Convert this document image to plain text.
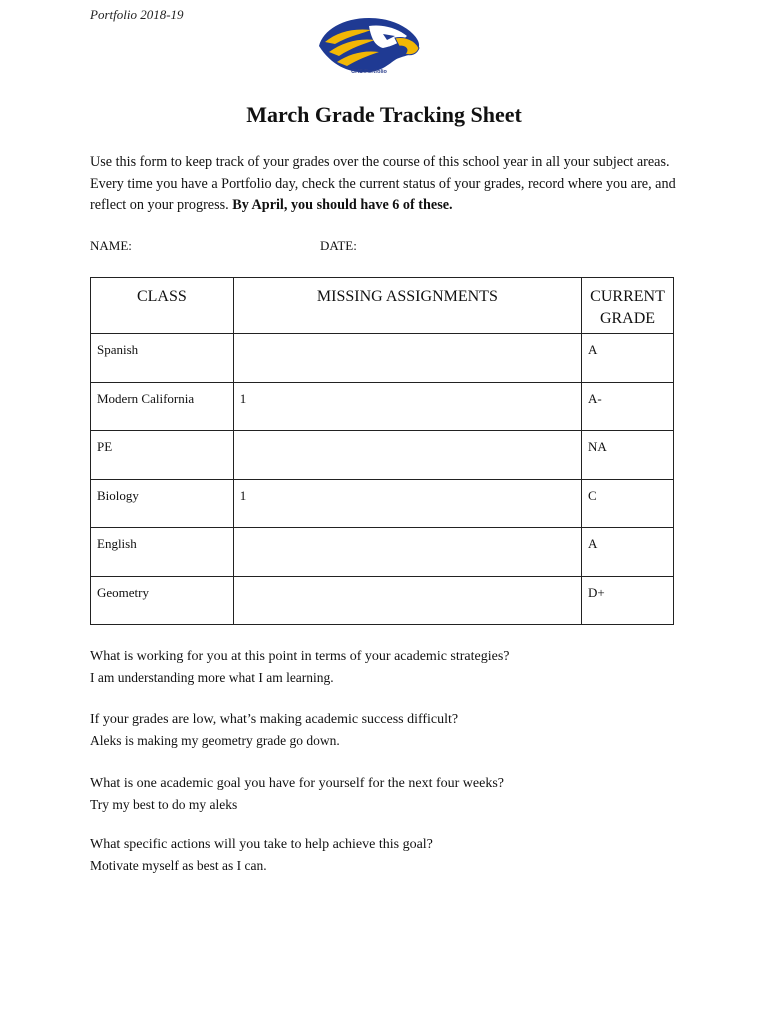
Portfolio 2018-19
CHS Portfolio
March Grade Tracking Sheet
Use this form to keep track of your grades over the course of this school year in all your subject areas. Every time you have a Portfolio day, check the current status of your grades, record where you are, and reflect on your progress. By April, you should have 6 of these.
NAME:	DATE:
CLASS	MISSING ASSIGNMENTS	CURRENT GRADE
Spanish		A
Modern California	1	A-
PE		NA
Biology	1	C
English		A
Geometry		D+
What is working for you at this point in terms of your academic strategies?
I am understanding more what I am learning.
If your grades are low, what’s making academic success difficult?
Aleks is making my geometry grade go down.
What is one academic goal you have for yourself for the next four weeks?
Try my best to do my aleks
What specific actions will you take to help achieve this goal?
Motivate myself as best as I can.
